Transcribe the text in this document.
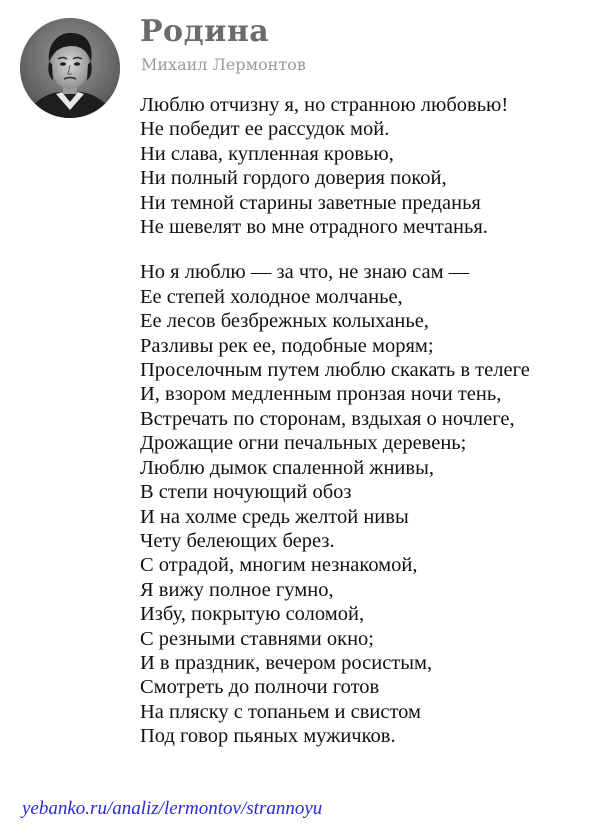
Родина
Михаил Лермонтов
Люблю отчизну я, но странною любовью!
Не победит ее рассудок мой.
Ни слава, купленная кровью,
Ни полный гордого доверия покой,
Ни темной старины заветные преданья
Не шевелят во мне отрадного мечтанья.
Но я люблю — за что, не знаю сам —
Ее степей холодное молчанье,
Ее лесов безбрежных колыханье,
Разливы рек ее, подобные морям;
Проселочным путем люблю скакать в телеге
И, взором медленным пронзая ночи тень,
Встречать по сторонам, вздыхая о ночлеге,
Дрожащие огни печальных деревень;
Люблю дымок спаленной жнивы,
В степи ночующий обоз
И на холме средь желтой нивы
Чету белеющих берез.
С отрадой, многим незнакомой,
Я вижу полное гумно,
Избу, покрытую соломой,
С резными ставнями окно;
И в праздник, вечером росистым,
Смотреть до полночи готов
На пляску с топаньем и свистом
Под говор пьяных мужичков.
yebanko.ru/analiz/lermontov/strannoyu
